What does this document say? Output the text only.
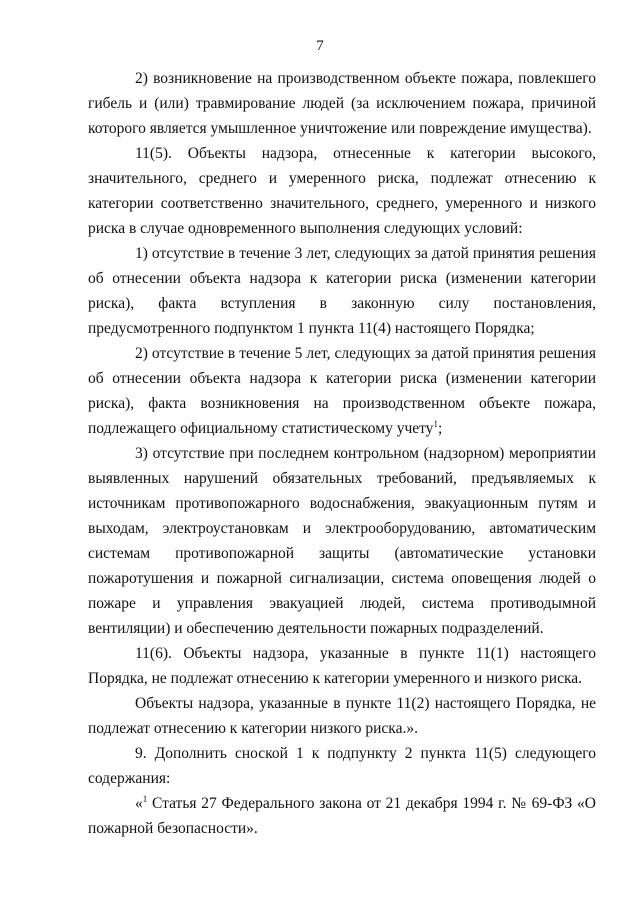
7

2) возникновение на производственном объекте пожара, повлекшего гибель и (или) травмирование людей (за исключением пожара, причиной которого является умышленное уничтожение или повреждение имущества).

11(5). Объекты надзора, отнесенные к категории высокого, значительного, среднего и умеренного риска, подлежат отнесению к категории соответственно значительного, среднего, умеренного и низкого риска в случае одновременного выполнения следующих условий:

1) отсутствие в течение 3 лет, следующих за датой принятия решения об отнесении объекта надзора к категории риска (изменении категории риска), факта вступления в законную силу постановления, предусмотренного подпунктом 1 пункта 11(4) настоящего Порядка;

2) отсутствие в течение 5 лет, следующих за датой принятия решения об отнесении объекта надзора к категории риска (изменении категории риска), факта возникновения на производственном объекте пожара, подлежащего официальному статистическому учету$^1$;

3) отсутствие при последнем контрольном (надзорном) мероприятии выявленных нарушений обязательных требований, предъявляемых к источникам противопожарного водоснабжения, эвакуационным путям и выходам, электроустановкам и электрооборудованию, автоматическим системам противопожарной защиты (автоматические установки пожаротушения и пожарной сигнализации, система оповещения людей о пожаре и управления эвакуацией людей, система противодымной вентиляции) и обеспечению деятельности пожарных подразделений.

11(6). Объекты надзора, указанные в пункте 11(1) настоящего Порядка, не подлежат отнесению к категории умеренного и низкого риска.

Объекты надзора, указанные в пункте 11(2) настоящего Порядка, не подлежат отнесению к категории низкого риска.».

9. Дополнить сноской 1 к подпункту 2 пункта 11(5) следующего содержания:

«$^1$ Статья 27 Федерального закона от 21 декабря 1994 г. № 69-ФЗ «О пожарной безопасности».
